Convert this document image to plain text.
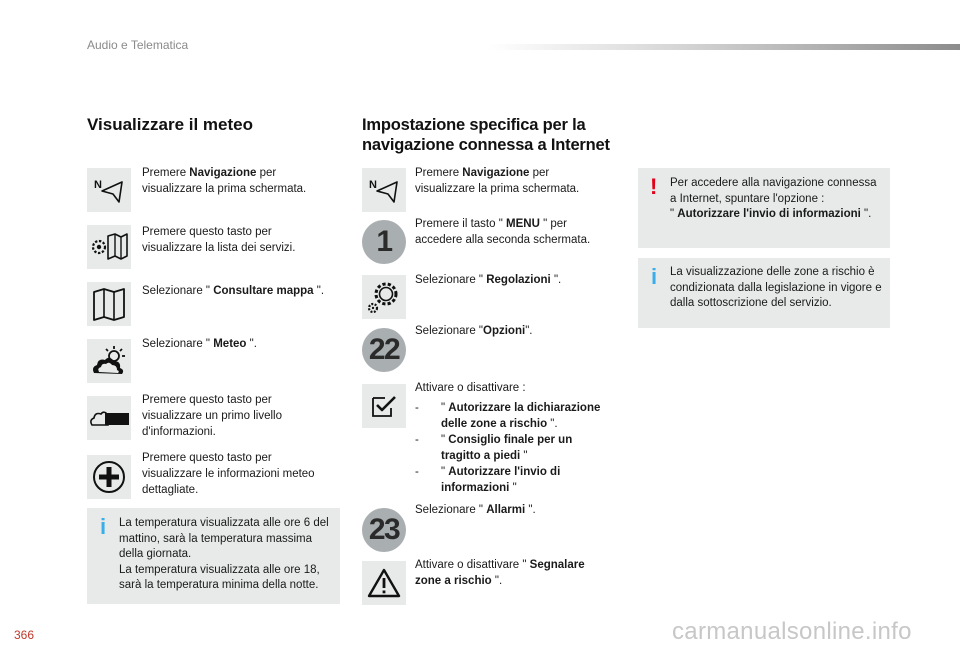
Audio e Telematica
Visualizzare il meteo
N
Premere Navigazione per visualizzare la prima schermata.
Premere questo tasto per visualizzare la lista dei servizi.
Selezionare " Consultare mappa ".
Selezionare " Meteo ".
Premere questo tasto per visualizzare un primo livello d'informazioni.
Premere questo tasto per visualizzare le informazioni meteo dettagliate.
i La temperatura visualizzata alle ore 6 del mattino, sarà la temperatura massima della giornata.
La temperatura visualizzata alle ore 18, sarà la temperatura minima della notte.
Impostazione specifica per la
navigazione connessa a Internet
N
Premere Navigazione per visualizzare la prima schermata.
1
Premere il tasto " MENU " per accedere alla seconda schermata.
Selezionare " Regolazioni ".
22
Selezionare "Opzioni".
Attivare o disattivare :
-	" Autorizzare la dichiarazione delle zone a rischio ".
-	" Consiglio finale per un tragitto a piedi "
-	" Autorizzare l'invio di informazioni "
23
Selezionare " Allarmi ".
Attivare o disattivare " Segnalare zone a rischio ".
! Per accedere alla navigazione connessa a Internet, spuntare l'opzione :
" Autorizzare l'invio di informazioni ".
i La visualizzazione delle zone a rischio è condizionata dalla legislazione in vigore e dalla sottoscrizione del servizio.
366	carmanualsonline.info
